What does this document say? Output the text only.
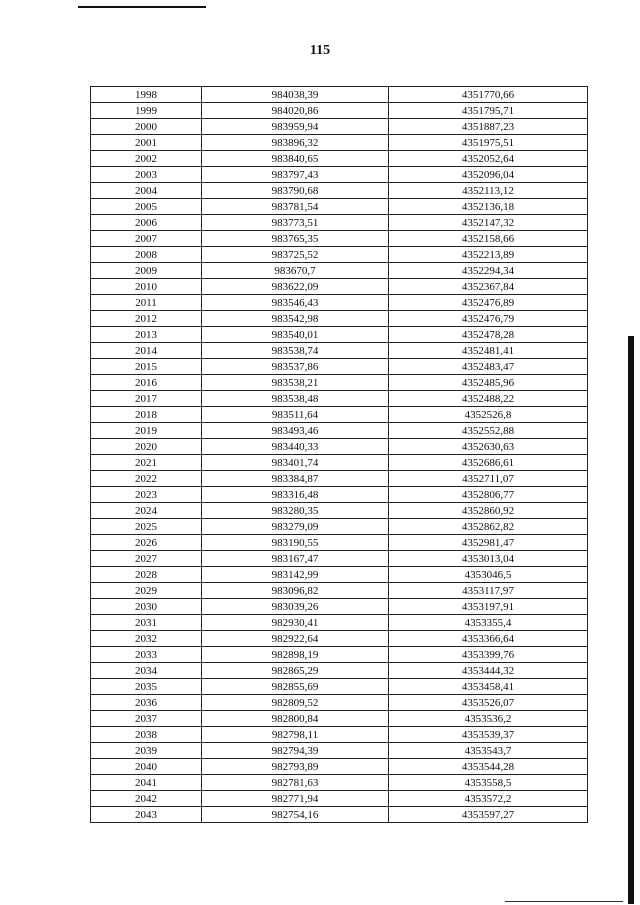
115
1998	984038,39	4351770,66
1999	984020,86	4351795,71
2000	983959,94	4351887,23
2001	983896,32	4351975,51
2002	983840,65	4352052,64
2003	983797,43	4352096,04
2004	983790,68	4352113,12
2005	983781,54	4352136,18
2006	983773,51	4352147,32
2007	983765,35	4352158,66
2008	983725,52	4352213,89
2009	983670,7	4352294,34
2010	983622,09	4352367,84
2011	983546,43	4352476,89
2012	983542,98	4352476,79
2013	983540,01	4352478,28
2014	983538,74	4352481,41
2015	983537,86	4352483,47
2016	983538,21	4352485,96
2017	983538,48	4352488,22
2018	983511,64	4352526,8
2019	983493,46	4352552,88
2020	983440,33	4352630,63
2021	983401,74	4352686,61
2022	983384,87	4352711,07
2023	983316,48	4352806,77
2024	983280,35	4352860,92
2025	983279,09	4352862,82
2026	983190,55	4352981,47
2027	983167,47	4353013,04
2028	983142,99	4353046,5
2029	983096,82	4353117,97
2030	983039,26	4353197,91
2031	982930,41	4353355,4
2032	982922,64	4353366,64
2033	982898,19	4353399,76
2034	982865,29	4353444,32
2035	982855,69	4353458,41
2036	982809,52	4353526,07
2037	982800,84	4353536,2
2038	982798,11	4353539,37
2039	982794,39	4353543,7
2040	982793,89	4353544,28
2041	982781,63	4353558,5
2042	982771,94	4353572,2
2043	982754,16	4353597,27
